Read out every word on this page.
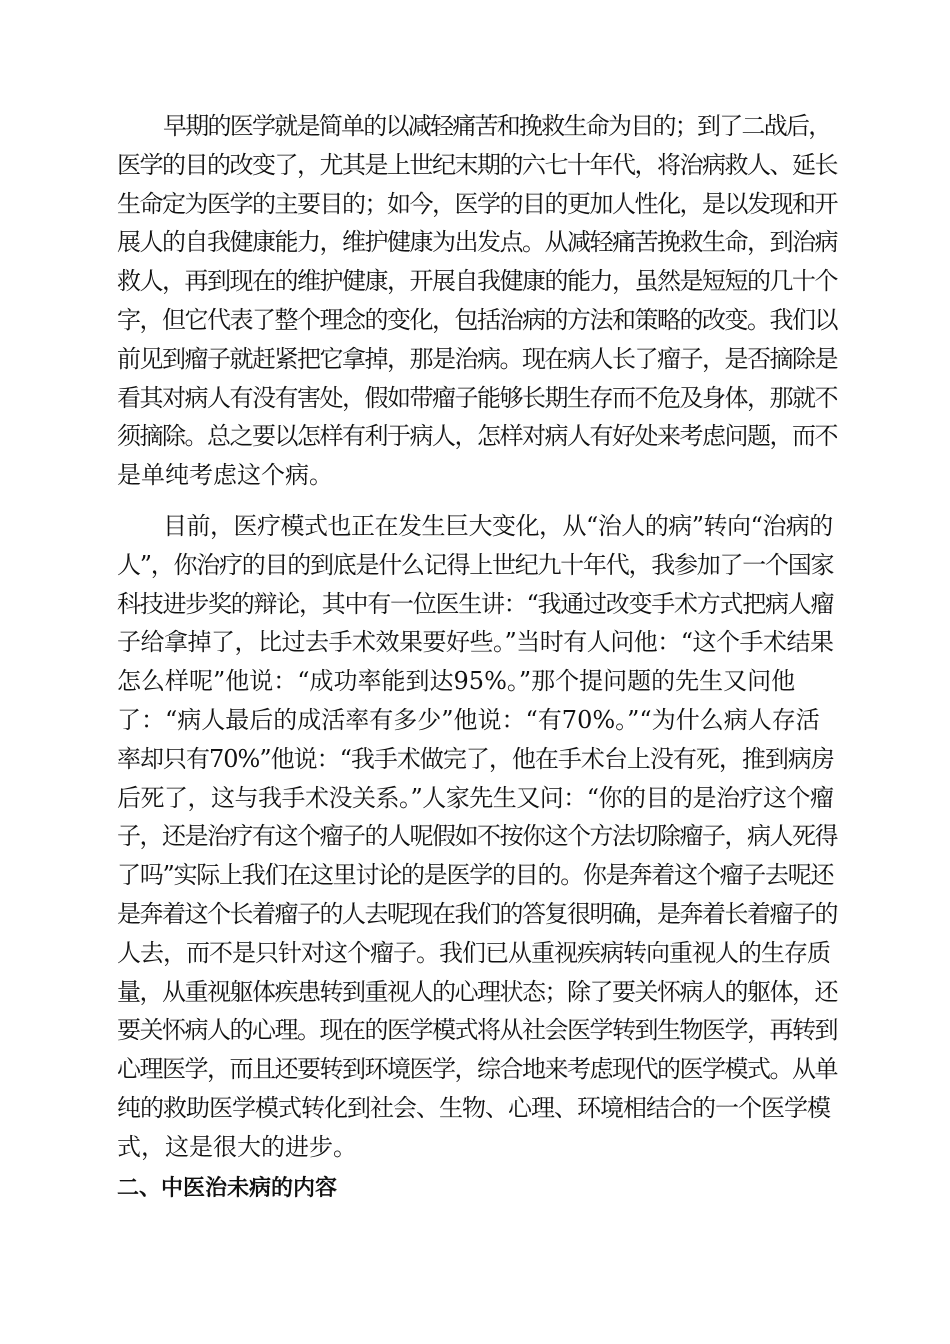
早期的医学就是简单的以减轻痛苦和挽救生命为目的；到了二战后，
医学的目的改变了，尤其是上世纪末期的六七十年代，将治病救人、延长
生命定为医学的主要目的；如今，医学的目的更加人性化，是以发现和开
展人的自我健康能力，维护健康为出发点。从减轻痛苦挽救生命，到治病
救人，再到现在的维护健康，开展自我健康的能力，虽然是短短的几十个
字，但它代表了整个理念的变化，包括治病的方法和策略的改变。我们以
前见到瘤子就赶紧把它拿掉，那是治病。现在病人长了瘤子，是否摘除是
看其对病人有没有害处，假如带瘤子能够长期生存而不危及身体，那就不
须摘除。总之要以怎样有利于病人，怎样对病人有好处来考虑问题，而不
是单纯考虑这个病。
目前，医疗模式也正在发生巨大变化，从“治人的病”转向“治病的
人”，你治疗的目的到底是什么记得上世纪九十年代，我参加了一个国家
科技进步奖的辩论，其中有一位医生讲：“我通过改变手术方式把病人瘤
子给拿掉了，比过去手术效果要好些。”当时有人问他：“这个手术结果
怎么样呢”他说：“成功率能到达95%。”那个提问题的先生又问他
了：“病人最后的成活率有多少”他说：“有70%。”“为什么病人存活
率却只有70%”他说：“我手术做完了，他在手术台上没有死，推到病房
后死了，这与我手术没关系。”人家先生又问：“你的目的是治疗这个瘤
子，还是治疗有这个瘤子的人呢假如不按你这个方法切除瘤子，病人死得
了吗”实际上我们在这里讨论的是医学的目的。你是奔着这个瘤子去呢还
是奔着这个长着瘤子的人去呢现在我们的答复很明确，是奔着长着瘤子的
人去，而不是只针对这个瘤子。我们已从重视疾病转向重视人的生存质
量，从重视躯体疾患转到重视人的心理状态；除了要关怀病人的躯体，还
要关怀病人的心理。现在的医学模式将从社会医学转到生物医学，再转到
心理医学，而且还要转到环境医学，综合地来考虑现代的医学模式。从单
纯的救助医学模式转化到社会、生物、心理、环境相结合的一个医学模
式，这是很大的进步。
二、中医治未病的内容
